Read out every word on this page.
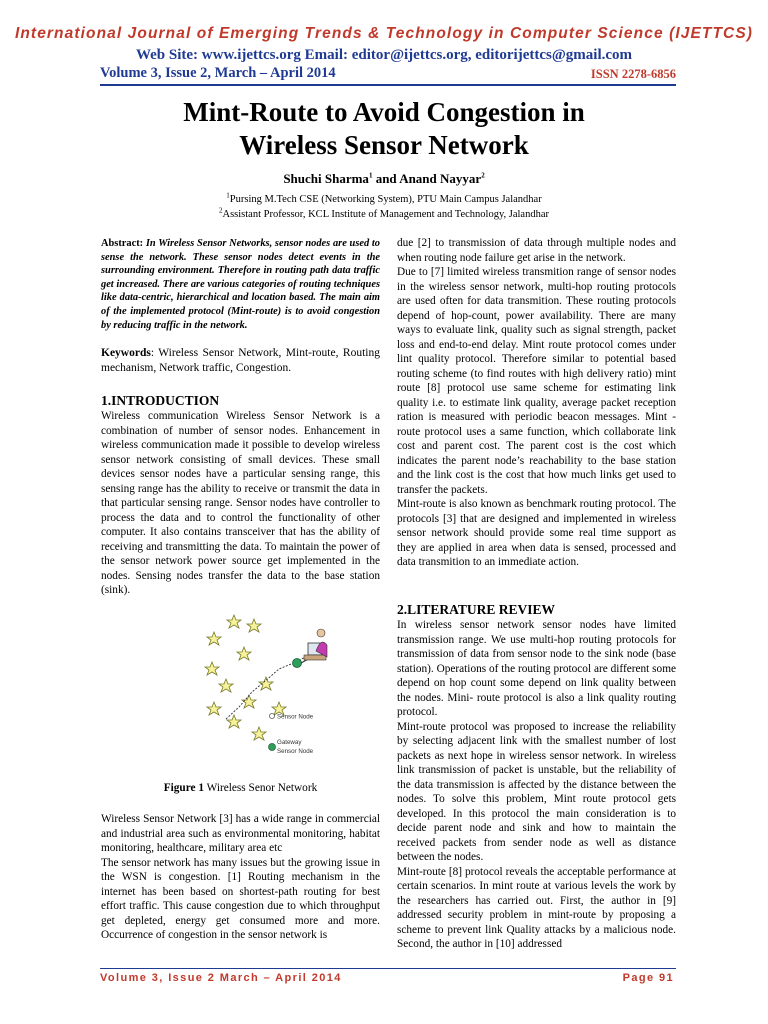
International Journal of Emerging Trends & Technology in Computer Science (IJETTCS)
Web Site: www.ijettcs.org Email: editor@ijettcs.org, editorijettcs@gmail.com
Volume 3, Issue 2, March – April 2014	ISSN 2278-6856
Mint-Route to Avoid Congestion in
Wireless Sensor Network
Shuchi Sharma$^1$ and Anand Nayyar$^2$
$^1$Pursing M.Tech CSE (Networking System), PTU Main Campus Jalandhar
$^2$Assistant Professor, KCL Institute of Management and Technology, Jalandhar

Abstract: In Wireless Sensor Networks, sensor nodes are used to sense the network. These sensor nodes detect events in the surrounding environment. Therefore in routing path data traffic get increased. There are various categories of routing techniques like data-centric, hierarchical and location based. The main aim of the implemented protocol (Mint-route) is to avoid congestion by reducing traffic in the network.

Keywords: Wireless Sensor Network, Mint-route, Routing mechanism, Network traffic, Congestion.

1.INTRODUCTION

Wireless communication Wireless Sensor Network is a combination of number of sensor nodes. Enhancement in wireless communication made it possible to develop wireless sensor network consisting of small devices. These small devices sensor nodes have a particular sensing range, this sensing range has the ability to receive or transmit the data in that particular sensing range. Sensor nodes have controller to process the data and to control the functionality of other computer. It also contains transceiver that has the ability of receiving and transmitting the data. To maintain the power of the sensor network power source get implemented in the nodes. Sensing nodes transfer the data to the base station (sink).

Sensor Node
Gateway
Sensor Node
Figure 1 Wireless Senor Network

Wireless Sensor Network [3] has a wide range in commercial and industrial area such as environmental monitoring, habitat monitoring, healthcare, military area etc

The sensor network has many issues but the growing issue in the WSN is congestion. [1] Routing mechanism in the internet has been based on shortest-path routing for best effort traffic. This cause congestion due to which throughput get depleted, energy get consumed more and more. Occurrence of congestion in the sensor network is

due [2] to transmission of data through multiple nodes and when routing node failure get arise in the network.

Due to [7] limited wireless transmition range of sensor nodes in the wireless sensor network, multi-hop routing protocols are used often for data transmition. These routing protocols depend of hop-count, power availability. There are many ways to evaluate link, quality such as signal strength, packet loss and end-to-end delay. Mint route protocol comes under lint quality protocol. Therefore similar to potential based routing scheme (to find routes with high delivery ratio) mint route [8] protocol use same scheme for estimating link quality i.e. to estimate link quality, average packet reception ration is measured with periodic beacon messages. Mint -route protocol uses a same function, which collaborate link cost and parent cost. The parent cost is the cost which indicates the parent node’s reachability to the base station and the link cost is the cost that how much links get used to transfer the packets.

Mint-route is also known as benchmark routing protocol. The protocols [3] that are designed and implemented in wireless sensor network should provide some real time support as they are applied in area when data is sensed, processed and data transmition to an immediate action.

2.LITERATURE REVIEW

In wireless sensor network sensor nodes have limited transmission range. We use multi-hop routing protocols for transmission of data from sensor node to the sink node (base station). Operations of the routing protocol are different some depend on hop count some depend on link quality between the nodes. Mini- route protocol is also a link quality routing protocol.

Mint-route protocol was proposed to increase the reliability by selecting adjacent link with the smallest number of lost packets as next hope in wireless sensor network. In wireless link transmission of packet is unstable, but the reliability of the data transmission is affected by the distance between the nodes. To solve this problem, Mint route protocol gets developed. In this protocol the main consideration is to decide parent node and sink and how to maintain the received packets from sender node as well as distance between the nodes.

Mint-route [8] protocol reveals the acceptable performance at certain scenarios. In mint route at various levels the work by the researchers has carried out. First, the author in [9] addressed security problem in mint-route by proposing a scheme to prevent link Quality attacks by a malicious node. Second, the author in [10] addressed

Volume 3, Issue 2 March – April 2014	Page 91
